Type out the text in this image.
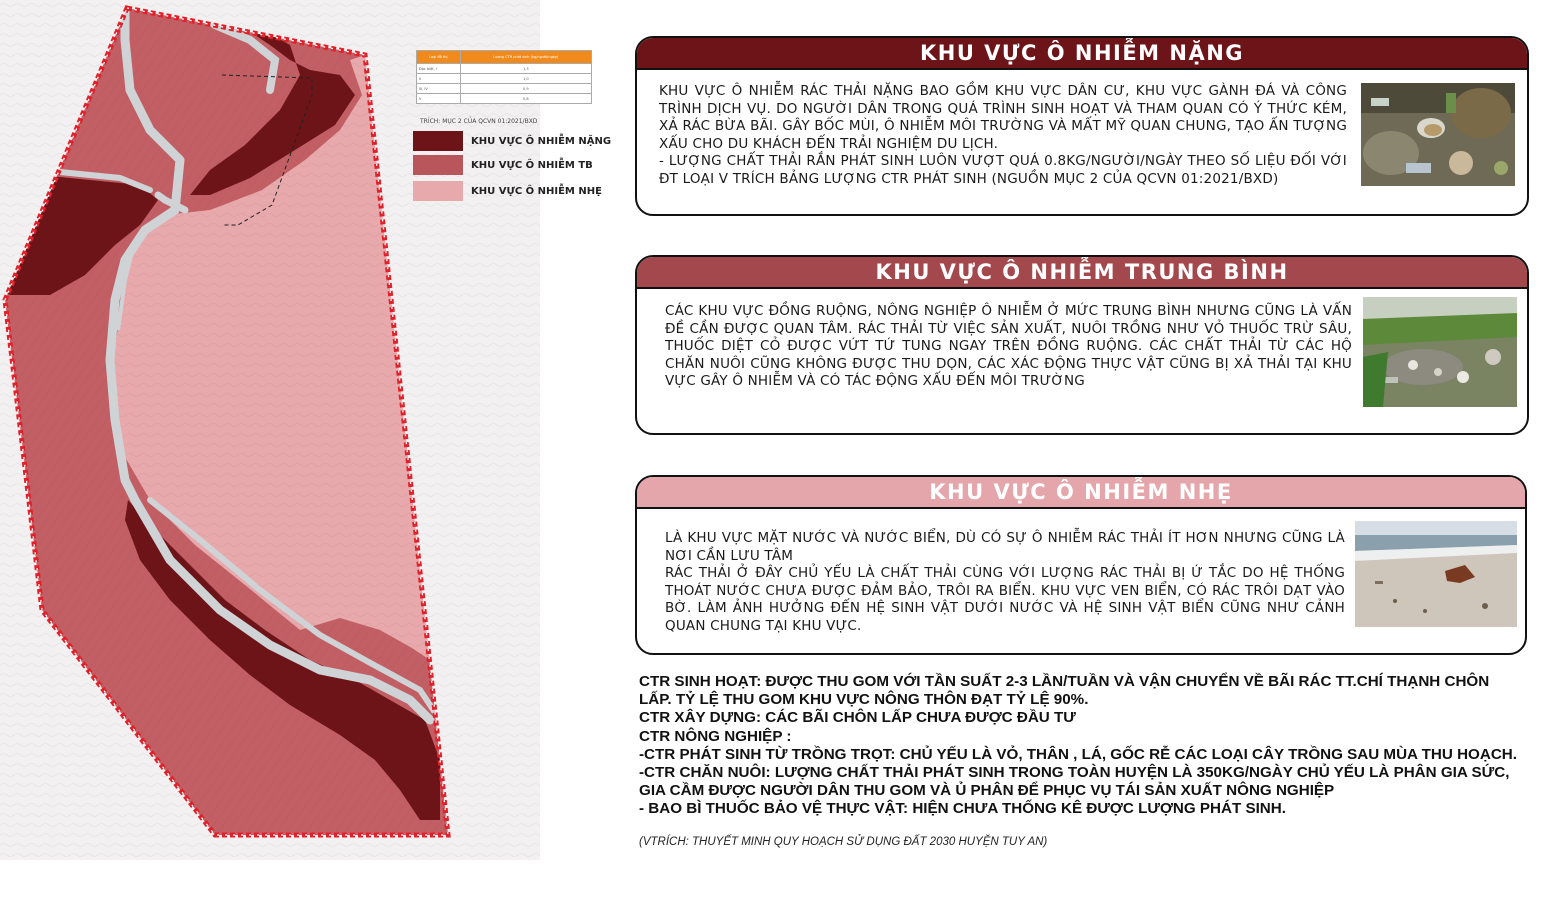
Loại đô thị	Lượng CTR phát sinh (kg/người/ngày)
Đặc biệt, I	1,3
II	1,0
III, IV	0,9
V	0,8
TRÍCH: MỤC 2 CỦA QCVN 01:2021/BXD
KHU VỰC Ô NHIỄM NẶNG
KHU VỰC Ô NHIỄM TB
KHU VỰC Ô NHIỄM NHẸ
KHU VỰC Ô NHIỄM NẶNG
KHU VỰC Ô NHIỄM RÁC THẢI NẶNG BAO GỒM KHU VỰC DÂN CƯ, KHU VỰC GÀNH ĐÁ VÀ CÔNG TRÌNH DỊCH VỤ. DO NGƯỜI DÂN TRONG QUÁ TRÌNH SINH HOẠT VÀ THAM QUAN CÓ Ý THỨC KÉM, XẢ RÁC BỪA BÃI. GÂY BỐC MÙI, Ô NHIỄM MÔI TRƯỜNG VÀ MẤT MỸ QUAN CHUNG, TẠO ẤN TƯỢNG XẤU CHO DU KHÁCH ĐẾN TRẢI NGHIỆM DU LỊCH.
- LƯỢNG CHẤT THẢI RẮN PHÁT SINH LUÔN VƯỢT QUÁ 0.8KG/NGƯỜI/NGÀY THEO SỐ LIỆU ĐỐI VỚI ĐT LOẠI V TRÍCH BẢNG LƯỢNG CTR PHÁT SINH (NGUỒN MỤC 2 CỦA QCVN 01:2021/BXD)
KHU VỰC Ô NHIỄM TRUNG BÌNH
CÁC KHU VỰC ĐỒNG RUỘNG, NÔNG NGHIỆP Ô NHIỄM Ở MỨC TRUNG BÌNH NHƯNG CŨNG LÀ VẤN ĐỀ CẦN ĐƯỢC QUAN TÂM. RÁC THẢI TỪ VIỆC SẢN XUẤT, NUÔI TRỒNG NHƯ VỎ THUỐC TRỪ SÂU, THUỐC DIỆT CỎ ĐƯỢC VỨT TỨ TUNG NGAY TRÊN ĐỒNG RUỘNG. CÁC CHẤT THẢI TỪ CÁC HỘ CHĂN NUÔI CŨNG KHÔNG ĐƯỢC THU DỌN, CÁC XÁC ĐỘNG THỰC VẬT CŨNG BỊ XẢ THẢI TẠI KHU VỰC GÂY Ô NHIỄM VÀ CÓ TÁC ĐỘNG XẤU ĐẾN MÔI TRƯỜNG
KHU VỰC Ô NHIỄM NHẸ
LÀ KHU VỰC MẶT NƯỚC VÀ NƯỚC BIỂN, DÙ CÓ SỰ Ô NHIỄM RÁC THẢI ÍT HƠN NHƯNG CŨNG LÀ NƠI CẦN LƯU TÂM
RÁC THẢI Ở ĐÂY CHỦ YẾU LÀ CHẤT THẢI CÙNG VỚI LƯỢNG RÁC THẢI BỊ Ứ TẮC DO HỆ THỐNG THOÁT NƯỚC CHƯA ĐƯỢC ĐẢM BẢO, TRÔI RA BIỂN. KHU VỰC VEN BIỂN, CÓ RÁC TRÔI DẠT VÀO BỜ. LÀM ẢNH HƯỞNG ĐẾN HỆ SINH VẬT DƯỚI NƯỚC VÀ HỆ SINH VẬT BIỂN CŨNG NHƯ CẢNH QUAN CHUNG TẠI KHU VỰC.

CTR SINH HOẠT: ĐƯỢC THU GOM VỚI TẦN SUẤT 2-3 LẦN/TUẦN VÀ VẬN CHUYỂN VỀ BÃI RÁC TT.CHÍ THẠNH CHÔN LẤP. TỶ LỆ THU GOM KHU VỰC NÔNG THÔN ĐẠT TỶ LỆ 90%.

CTR XÂY DỰNG: CÁC BÃI CHÔN LẤP CHƯA ĐƯỢC ĐẦU TƯ

CTR NÔNG NGHIỆP :

-CTR PHÁT SINH TỪ TRỒNG TRỌT: CHỦ YẾU LÀ VỎ, THÂN , LÁ, GỐC RỄ CÁC LOẠI CÂY TRỒNG SAU MÙA THU HOẠCH.

-CTR CHĂN NUÔI: LƯỢNG CHẤT THẢI PHÁT SINH TRONG TOÀN HUYỆN LÀ 350KG/NGÀY CHỦ YẾU LÀ PHÂN GIA SỨC, GIA CẦM ĐƯỢC NGƯỜI DÂN THU GOM VÀ Ủ PHÂN ĐỂ PHỤC VỤ TÁI SẢN XUẤT NÔNG NGHIỆP

- BAO BÌ THUỐC BẢO VỆ THỰC VẬT: HIỆN CHƯA THỐNG KÊ ĐƯỢC LƯỢNG PHÁT SINH.

(VTRÍCH: THUYẾT MINH QUY HOẠCH SỬ DỤNG ĐẤT 2030 HUYỆN TUY AN)
